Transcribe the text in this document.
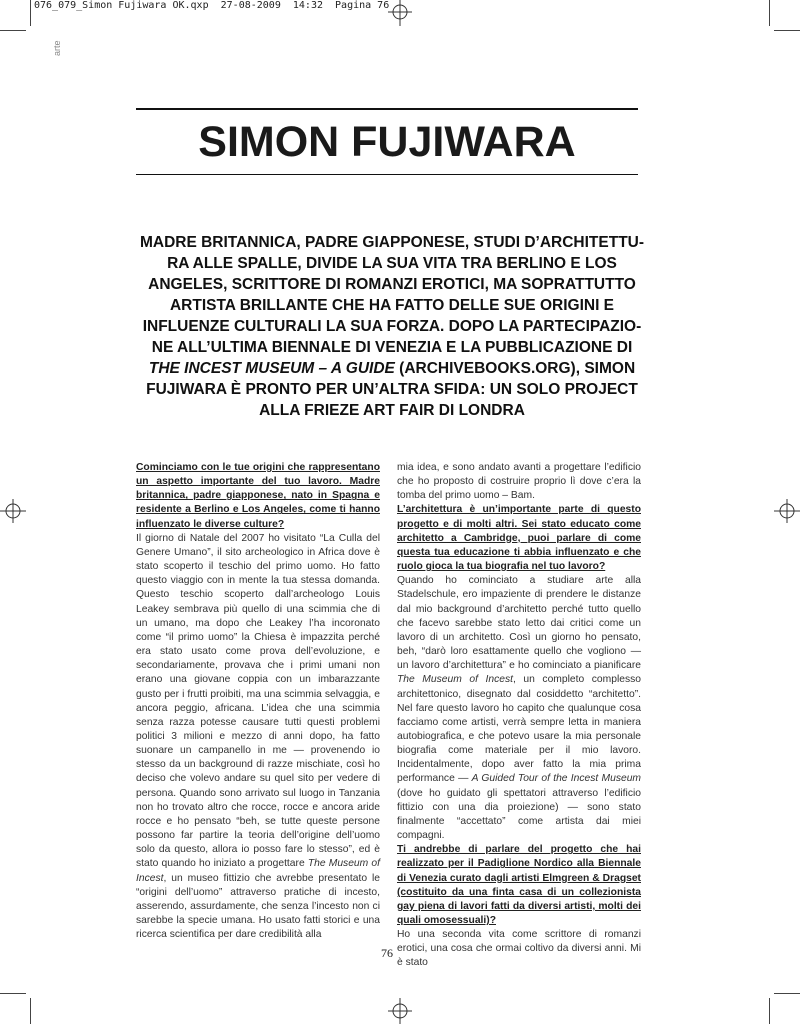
076_079_Simon Fujiwara OK.qxp  27-08-2009  14:32  Pagina 76
arte
SIMON FUJIWARA

MADRE BRITANNICA, PADRE GIAPPONESE, STUDI D’ARCHITETTU-RA ALLE SPALLE, DIVIDE LA SUA VITA TRA BERLINO E LOS ANGELES, SCRITTORE DI ROMANZI EROTICI, MA SOPRATTUTTO ARTISTA BRILLANTE CHE HA FATTO DELLE SUE ORIGINI E INFLUENZE CULTURALI LA SUA FORZA. DOPO LA PARTECIPAZIO-NE ALL’ULTIMA BIENNALE DI VENEZIA E LA PUBBLICAZIONE DI THE INCEST MUSEUM – A GUIDE (ARCHIVEBOOKS.ORG), SIMON FUJIWARA È PRONTO PER UN’ALTRA SFIDA: UN SOLO PROJECT ALLA FRIEZE ART FAIR DI LONDRA

Cominciamo con le tue origini che rappresentano un aspetto importante del tuo lavoro. Madre britannica, padre giapponese, nato in Spagna e residente a Berlino e Los Angeles, come ti hanno influenzato le diverse culture?

Il giorno di Natale del 2007 ho visitato “La Culla del Genere Umano”, il sito archeologico in Africa dove è stato scoperto il teschio del primo uomo. Ho fatto questo viaggio con in mente la tua stessa domanda. Questo teschio scoperto dall’archeologo Louis Leakey sembrava più quello di una scimmia che di un umano, ma dopo che Leakey l’ha incoronato come “il primo uomo” la Chiesa è impazzita perché era stato usato come prova dell’evoluzione, e secondariamente, provava che i primi umani non erano una giovane coppia con un imbarazzante gusto per i frutti proibiti, ma una scimmia selvaggia, e ancora peggio, africana. L’idea che una scimmia senza razza potesse causare tutti questi problemi politici 3 milioni e mezzo di anni dopo, ha fatto suonare un campanello in me — provenendo io stesso da un background di razze mischiate, così ho deciso che volevo andare su quel sito per vedere di persona. Quando sono arrivato sul luogo in Tanzania non ho trovato altro che rocce, rocce e ancora aride rocce e ho pensato “beh, se tutte queste persone possono far partire la teoria dell’origine dell’uomo solo da questo, allora io posso fare lo stesso”, ed è stato quando ho iniziato a progettare The Museum of Incest, un museo fittizio che avrebbe presentato le “origini dell’uomo” attraverso pratiche di incesto, asserendo, assurdamente, che senza l’incesto non ci sarebbe la specie umana. Ho usato fatti storici e una ricerca scientifica per dare credibilità alla

mia idea, e sono andato avanti a progettare l’edificio che ho proposto di costruire proprio lì dove c’era la tomba del primo uomo – Bam.

L’architettura è un’importante parte di questo progetto e di molti altri. Sei stato educato come architetto a Cambridge, puoi parlare di come questa tua educazione ti abbia influenzato e che ruolo gioca la tua biografia nel tuo lavoro?

Quando ho cominciato a studiare arte alla Stadelschule, ero impaziente di prendere le distanze dal mio background d’architetto perché tutto quello che facevo sarebbe stato letto dai critici come un lavoro di un architetto. Così un giorno ho pensato, beh, “darò loro esattamente quello che vogliono — un lavoro d’architettura” e ho cominciato a pianificare The Museum of Incest, un completo complesso architettonico, disegnato dal cosiddetto “architetto”. Nel fare questo lavoro ho capito che qualunque cosa facciamo come artisti, verrà sempre letta in maniera autobiografica, e che potevo usare la mia personale biografia come materiale per il mio lavoro. Incidentalmente, dopo aver fatto la mia prima performance — A Guided Tour of the Incest Museum (dove ho guidato gli spettatori attraverso l’edificio fittizio con una dia proiezione) — sono stato finalmente “accettato” come artista dai miei compagni.

Ti andrebbe di parlare del progetto che hai realizzato per il Padiglione Nordico alla Biennale di Venezia curato dagli artisti Elmgreen & Dragset (costituito da una finta casa di un collezionista gay piena di lavori fatti da diversi artisti, molti dei quali omosessuali)?

Ho una seconda vita come scrittore di romanzi erotici, una cosa che ormai coltivo da diversi anni. Mi è stato

76
